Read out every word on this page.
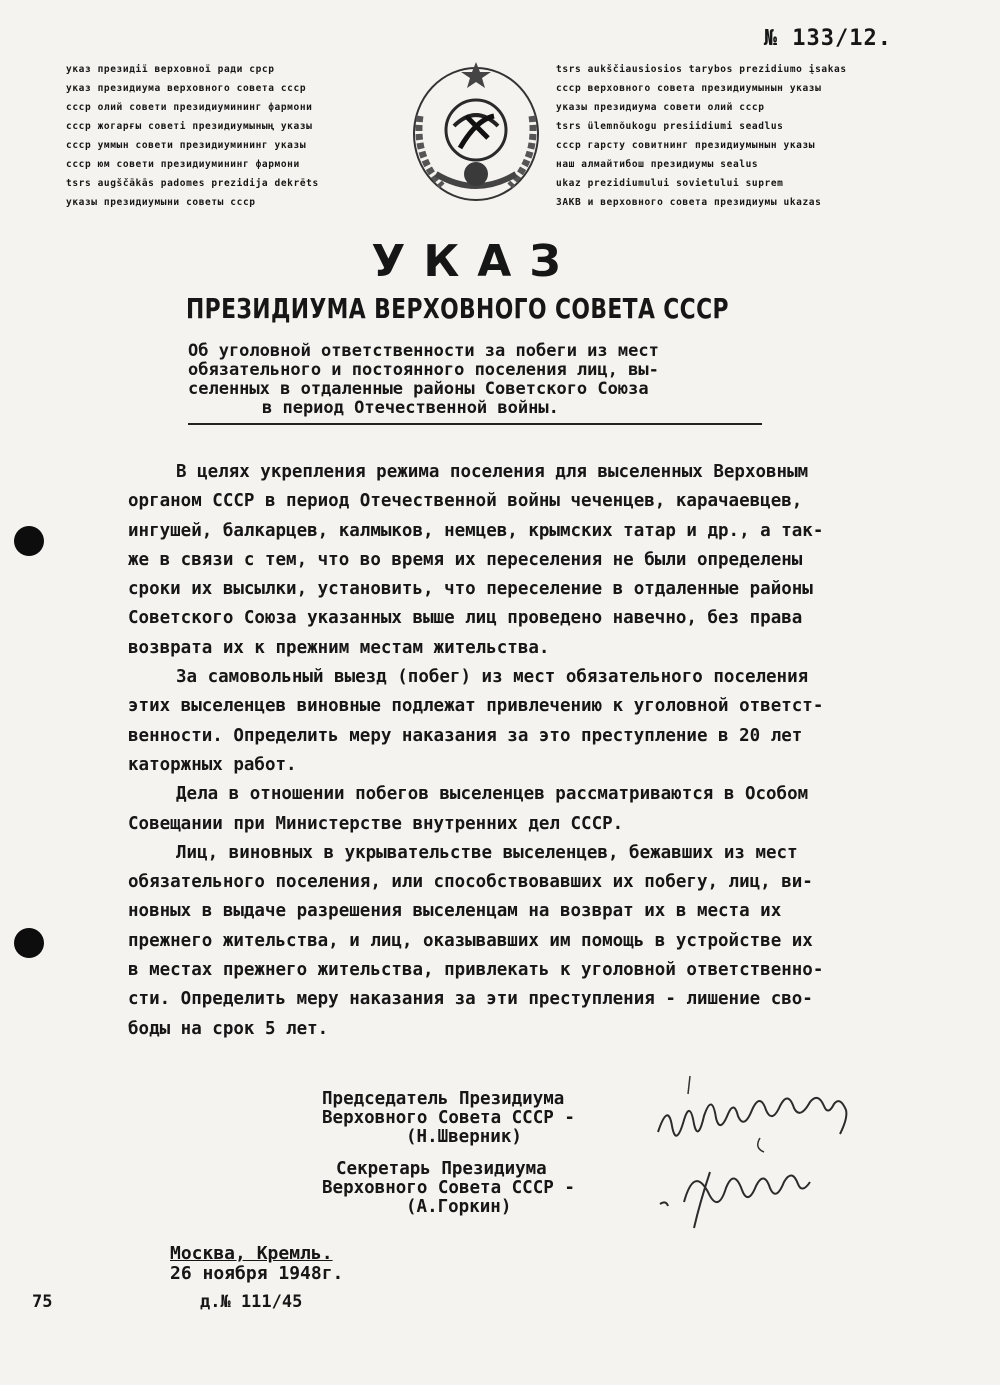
№ 133/12.
указ президії верховної ради срср
указ президиума верховного совета ссср
ссср олий совети президиумининг фармони
ссср жогарғы советі президиумының указы
ссср уммын совети президиумининг указы
ссср юм совети президиумининг фармони
tsrs augščākās padomes prezidija dekrēts
указы президиумыни советы ссср
tsrs aukščiausiosios tarybos prezidiumo įsakas
ссср верховного совета президиумынын указы
указы президиума совети олий ссср
tsrs ülemnõukogu presiidiumi seadlus
ссср гарсту совитнинг президиумынын указы
наш алмайтибош президиумы sealus
ukaz prezidiumului sovietului suprem
ЗАКВ и верховного совета президиумы ukazas
УКАЗ
ПРЕЗИДИУМА ВЕРХОВНОГО СОВЕТА СССР
Об уголовной ответственности за побеги из мест
обязательного и постоянного поселения лиц, вы-
селенных в отдаленные районы Советского Союза
в период Отечественной войны.
В целях укрепления режима поселения для выселенных Верховным
органом СССР в период Отечественной войны чеченцев, карачаевцев,
ингушей, балкарцев, калмыков, немцев, крымских татар и др., а так-
же в связи с тем, что во время их переселения не были определены
сроки их высылки, установить, что переселение в отдаленные районы
Советского Союза указанных выше лиц проведено навечно, без права
возврата их к прежним местам жительства.
За самовольный выезд (побег) из мест обязательного поселения
этих выселенцев виновные подлежат привлечению к уголовной ответст-
венности. Определить меру наказания за это преступление в 20 лет
каторжных работ.
Дела в отношении побегов выселенцев рассматриваются в Особом
Совещании при Министерстве внутренних дел СССР.
Лиц, виновных в укрывательстве выселенцев, бежавших из мест
обязательного поселения, или способствовавших их побегу, лиц, ви-
новных в выдаче разрешения выселенцам на возврат их в места их
прежнего жительства, и лиц, оказывавших им помощь в устройстве их
в местах прежнего жительства, привлекать к уголовной ответственно-
сти. Определить меру наказания за эти преступления - лишение сво-
боды на срок 5 лет.
Председатель Президиума
Верховного Совета СССР -
(Н.Шверник)
Секретарь Президиума
Верховного Совета СССР -
(А.Горкин)
Москва, Кремль.
26 ноября 1948г.
75	д.№ 111/45
